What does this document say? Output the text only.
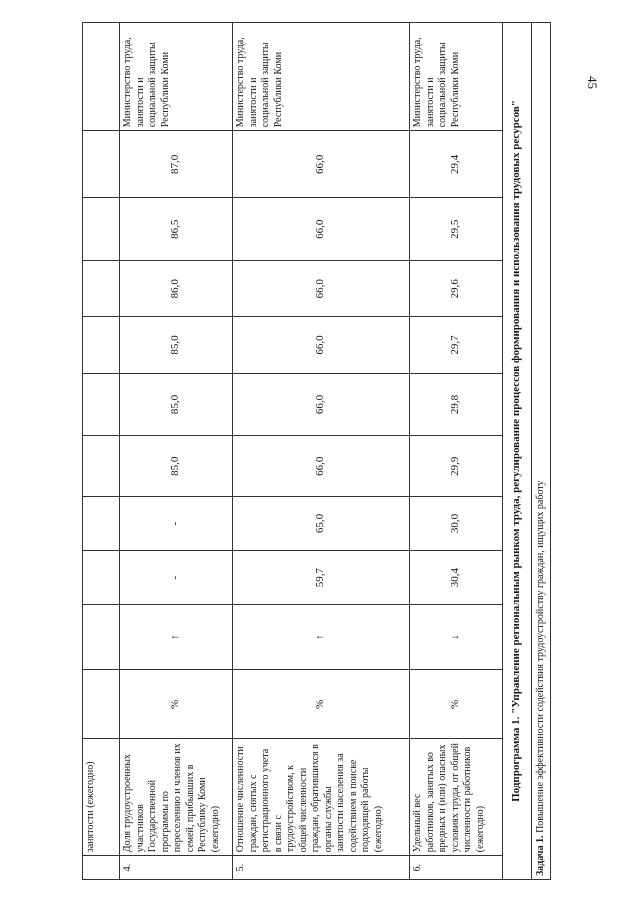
45
	занятости (ежегодно)											
4.	Доля трудоустроенных участников Государственной программы по переселению и членов их семей, прибывших в Республику Коми (ежегодно)	%	↑	-	-	85,0	85,0	85,0	86,0	86,5	87,0	Министерство труда, занятости и социальной защиты Республики Коми
5.	Отношение численности граждан, снятых с регистрационного учета в связи с трудоустройством, к общей численности граждан, обратившихся в органы службы занятости населения за содействием в поиске подходящей работы (ежегодно)	%	↑	59,7	65,0	66,0	66,0	66,0	66,0	66,0	66,0	Министерство труда, занятости и социальной защиты Республики Коми
6.	Удельный вес работников, занятых во вредных и (или) опасных условиях труда, от общей численности работников (ежегодно)	%	↓	30,4	30,0	29,9	29,8	29,7	29,6	29,5	29,4	Министерство труда, занятости и социальной защиты Республики Коми
Подпрограмма 1. "Управление региональным рынком труда, регулирование процессов формирования и использования трудовых ресурсов"												
Задача 1. Повышение эффективности содействия трудоустройству граждан, ищущих работу												
